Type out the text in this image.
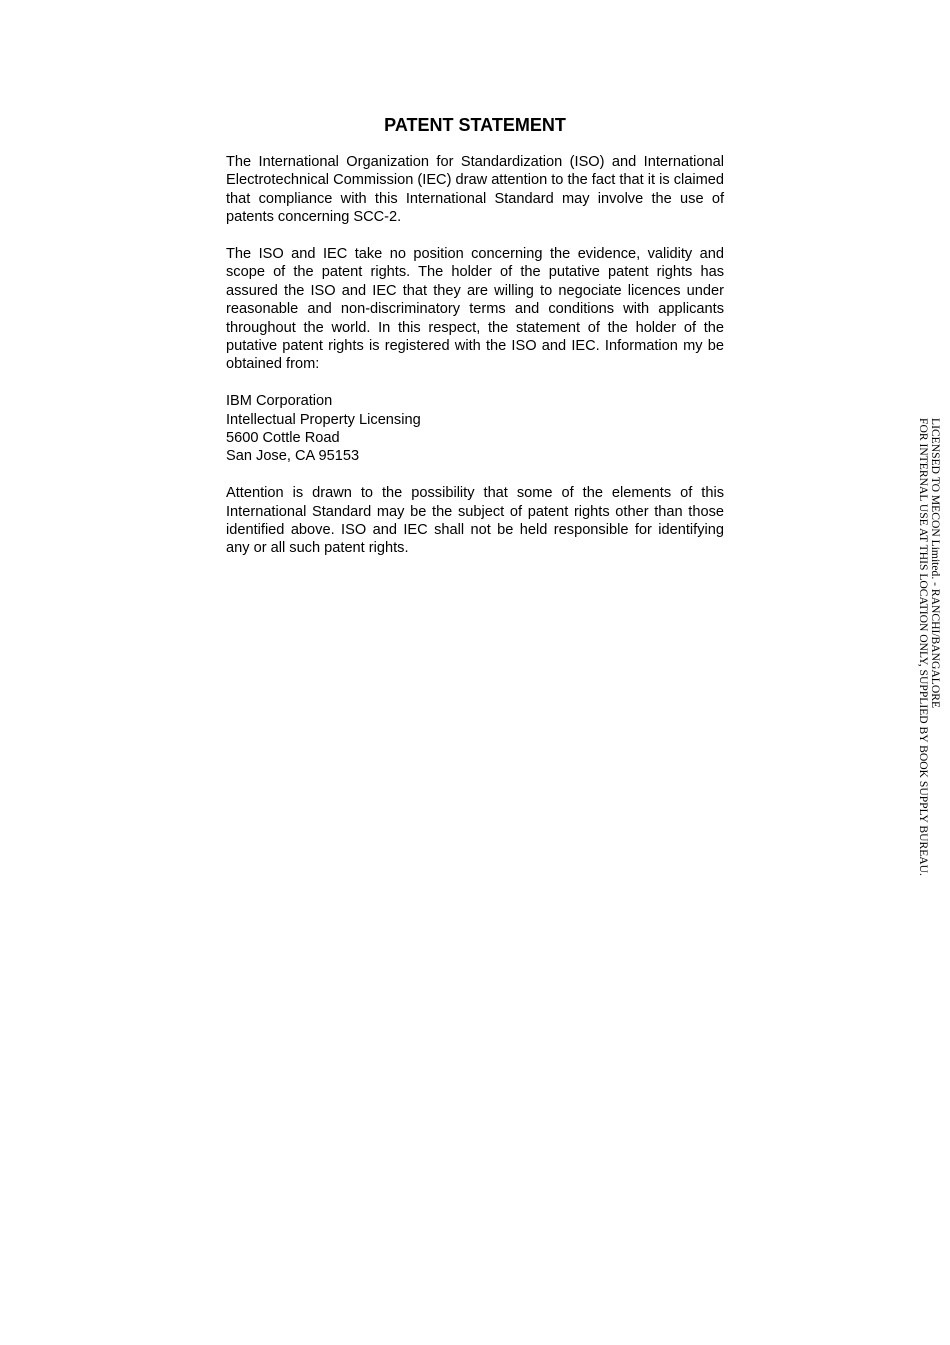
PATENT STATEMENT

The International Organization for Standardization (ISO) and International Electrotechnical Commission (IEC) draw attention to the fact that it is claimed that compliance with this International Standard may involve the use of patents concerning SCC-2.

The ISO and IEC take no position concerning the evidence, validity and scope of the patent rights. The holder of the putative patent rights has assured the ISO and IEC that they are willing to negociate licences under reasonable and non-discriminatory terms and conditions with applicants throughout the world. In this respect, the statement of the holder of the putative patent rights is registered with the ISO and IEC. Information my be obtained from:

IBM Corporation
Intellectual Property Licensing
5600 Cottle Road
San Jose, CA 95153

Attention is drawn to the possibility that some of the elements of this International Standard may be the subject of patent rights other than those identified above. ISO and IEC shall not be held responsible for identifying any or all such patent rights.	LICENSED TO MECON Limited. - RANCHI/BANGALORE
FOR INTERNAL USE AT THIS LOCATION ONLY, SUPPLIED BY BOOK SUPPLY BUREAU.
